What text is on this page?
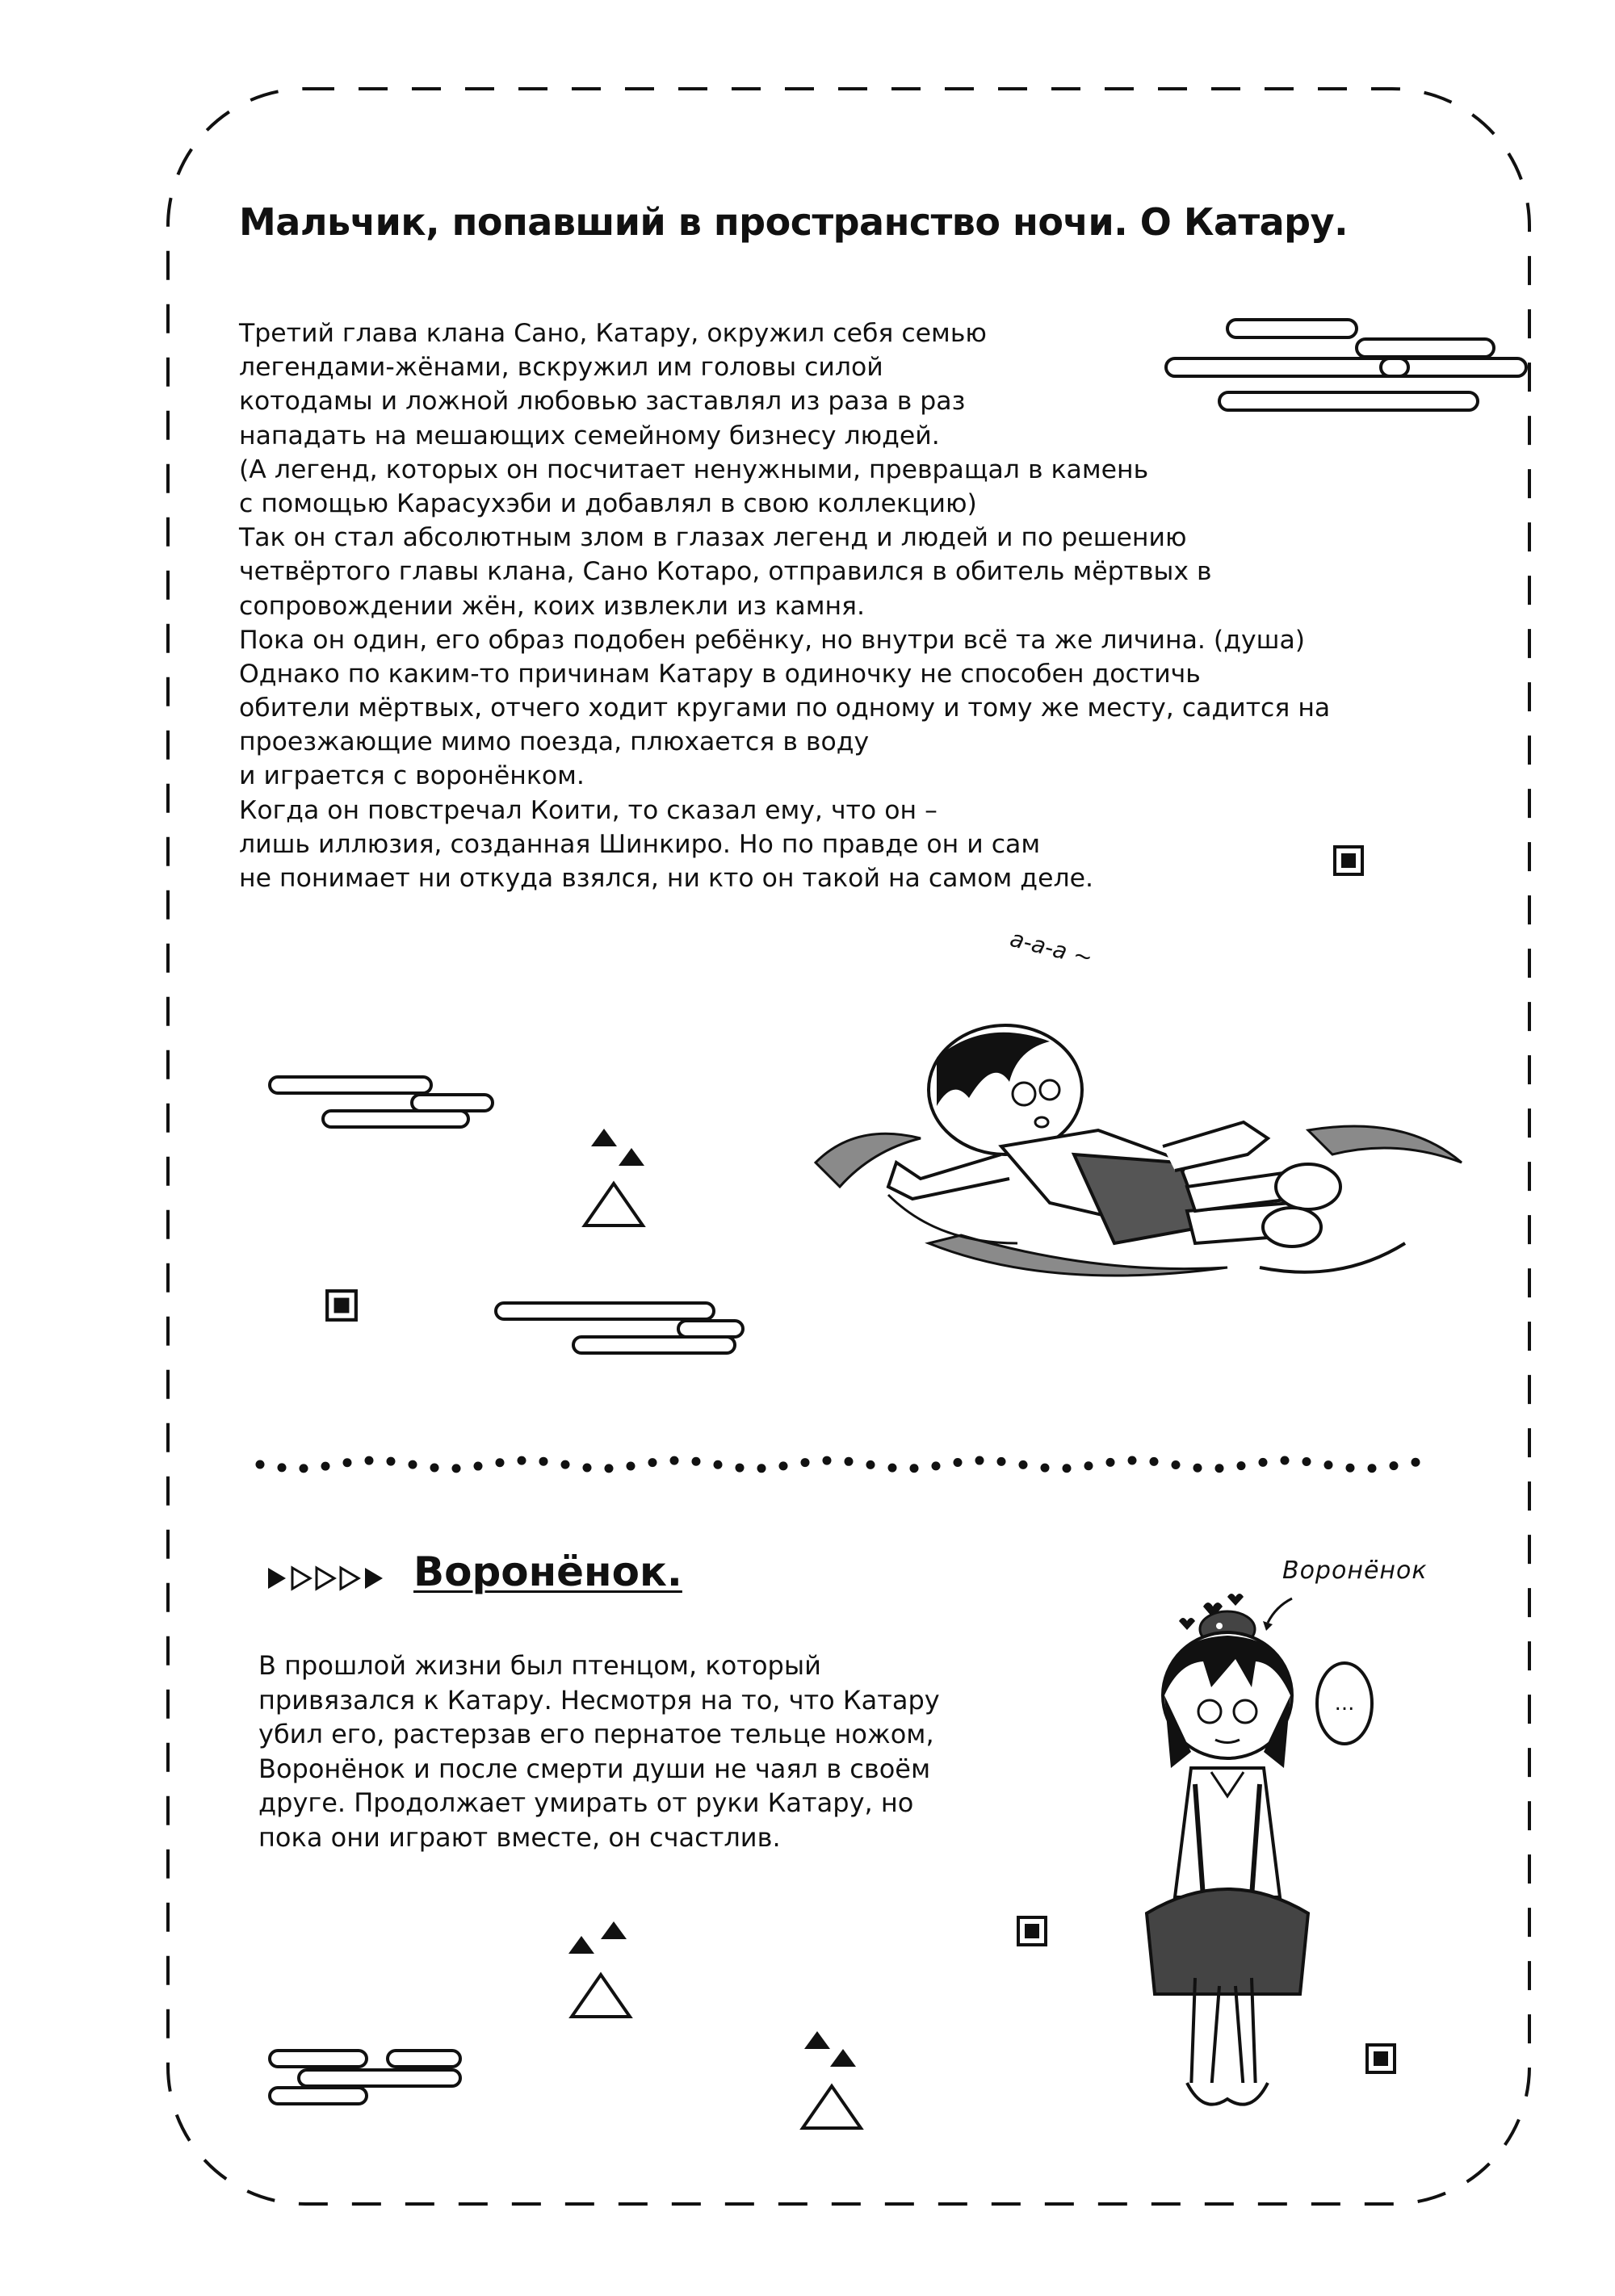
Мальчик, попавший в пространство ночи. О Катару.
Третий глава клана Сано, Катару, окружил себя семью
легендами-жёнами, вскружил им головы силой
котодамы и ложной любовью заставлял из раза в раз
нападать на мешающих семейному бизнесу людей.
(А легенд, которых он посчитает ненужными, превращал в камень
с помощью Карасухэби и добавлял в свою коллекцию)
Так он стал абсолютным злом в глазах легенд и людей и по решению
четвёртого главы клана, Сано Котаро, отправился в обитель мёртвых в
сопровождении жён, коих извлекли из камня.
Пока он один, его образ подобен ребёнку, но внутри всё та же личина. (душа)
Однако по каким-то причинам Катару в одиночку не способен достичь
обители мёртвых, отчего ходит кругами по одному и тому же месту, садится на
проезжающие мимо поезда, плюхается в воду
и играется с воронёнком.
Когда он повстречал Коити, то сказал ему, что он –
лишь иллюзия, созданная Шинкиро. Но по правде он и сам
не понимает ни откуда взялся, ни кто он такой на самом деле.

а-а-а ~

Воронёнок.
В прошлой жизни был птенцом, который
привязался к Катару. Несмотря на то, что Катару
убил его, растерзав его пернатое тельце ножом,
Воронёнок и после смерти души не чаял в своём
друге. Продолжает умирать от руки Катару, но
пока они играют вместе, он счастлив.

Воронёнок

...
